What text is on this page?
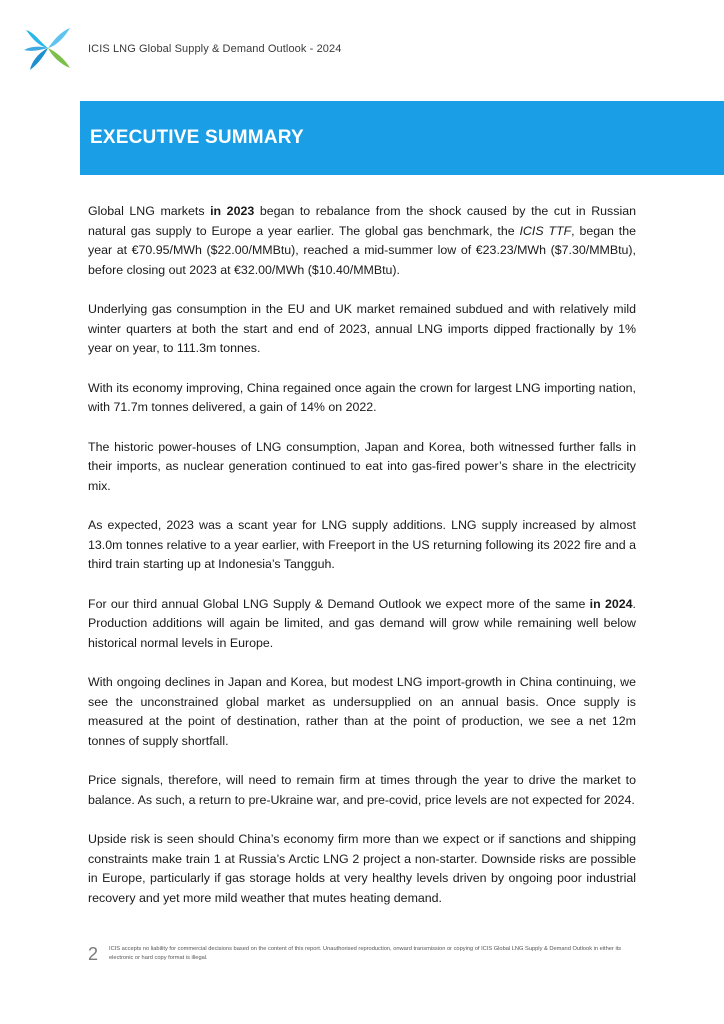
ICIS LNG Global Supply & Demand Outlook - 2024
EXECUTIVE SUMMARY

Global LNG markets in 2023 began to rebalance from the shock caused by the cut in Russian natural gas supply to Europe a year earlier. The global gas benchmark, the ICIS TTF, began the year at €70.95/MWh ($22.00/MMBtu), reached a mid-summer low of €23.23/MWh ($7.30/MMBtu), before closing out 2023 at €32.00/MWh ($10.40/MMBtu).

Underlying gas consumption in the EU and UK market remained subdued and with relatively mild winter quarters at both the start and end of 2023, annual LNG imports dipped fractionally by 1% year on year, to 111.3m tonnes.

With its economy improving, China regained once again the crown for largest LNG importing nation, with 71.7m tonnes delivered, a gain of 14% on 2022.

The historic power-houses of LNG consumption, Japan and Korea, both witnessed further falls in their imports, as nuclear generation continued to eat into gas-fired power’s share in the electricity mix.

As expected, 2023 was a scant year for LNG supply additions. LNG supply increased by almost 13.0m tonnes relative to a year earlier, with Freeport in the US returning following its 2022 fire and a third train starting up at Indonesia’s Tangguh.

For our third annual Global LNG Supply & Demand Outlook we expect more of the same in 2024. Production additions will again be limited, and gas demand will grow while remaining well below historical normal levels in Europe.

With ongoing declines in Japan and Korea, but modest LNG import-growth in China continuing, we see the unconstrained global market as undersupplied on an annual basis. Once supply is measured at the point of destination, rather than at the point of production, we see a net 12m tonnes of supply shortfall.

Price signals, therefore, will need to remain firm at times through the year to drive the market to balance. As such, a return to pre-Ukraine war, and pre-covid, price levels are not expected for 2024.

Upside risk is seen should China’s economy firm more than we expect or if sanctions and shipping constraints make train 1 at Russia’s Arctic LNG 2 project a non-starter. Downside risks are possible in Europe, particularly if gas storage holds at very healthy levels driven by ongoing poor industrial recovery and yet more mild weather that mutes heating demand.

2 ICIS accepts no liability for commercial decisions based on the content of this report. Unauthorised reproduction, onward transmission or copying of ICIS Global LNG Supply & Demand Outlook in either its electronic or hard copy format is illegal.
